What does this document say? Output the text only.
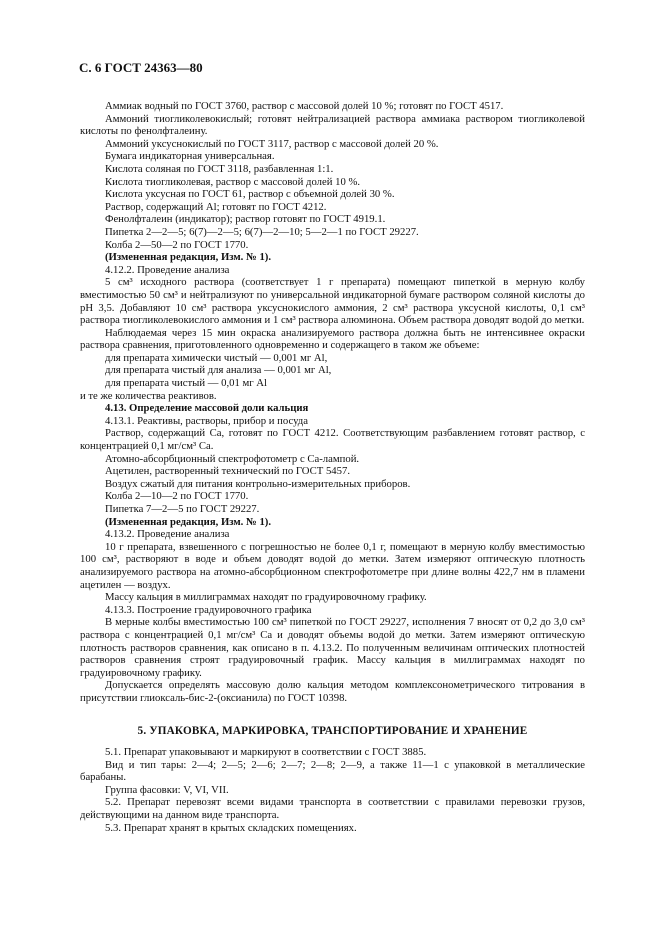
С. 6 ГОСТ 24363—80

Аммиак водный по ГОСТ 3760, раствор с массовой долей 10 %; готовят по ГОСТ 4517.

Аммоний тиогликолевокислый; готовят нейтрализацией раствора аммиака раствором тиогликолевой кислоты по фенолфталеину.

Аммоний уксуснокислый по ГОСТ 3117, раствор с массовой долей 20 %.

Бумага индикаторная универсальная.

Кислота соляная по ГОСТ 3118, разбавленная 1:1.

Кислота тиогликолевая, раствор с массовой долей 10 %.

Кислота уксусная по ГОСТ 61, раствор с объемной долей 30 %.

Раствор, содержащий Al; готовят по ГОСТ 4212.

Фенолфталеин (индикатор); раствор готовят по ГОСТ 4919.1.

Пипетка 2—2—5; 6(7)—2—5; 6(7)—2—10; 5—2—1 по ГОСТ 29227.

Колба 2—50—2 по ГОСТ 1770.

(Измененная редакция, Изм. № 1).

4.12.2. Проведение анализа

5 см³ исходного раствора (соответствует 1 г препарата) помещают пипеткой в мерную колбу вместимостью 50 см³ и нейтрализуют по универсальной индикаторной бумаге раствором соляной кислоты до pH 3,5. Добавляют 10 см³ раствора уксуснокислого аммония, 2 см³ раствора уксусной кислоты, 0,1 см³ раствора тиогликолевокислого аммония и 1 см³ раствора алюминона. Объем раствора доводят водой до метки.

Наблюдаемая через 15 мин окраска анализируемого раствора должна быть не интенсивнее окраски раствора сравнения, приготовленного одновременно и содержащего в таком же объеме:

для препарата химически чистый — 0,001 мг Al,

для препарата чистый для анализа — 0,001 мг Al,

для препарата чистый — 0,01 мг Al

и те же количества реактивов.

4.13. Определение массовой доли кальция

4.13.1. Реактивы, растворы, прибор и посуда

Раствор, содержащий Ca, готовят по ГОСТ 4212. Соответствующим разбавлением готовят раствор, с концентрацией 0,1 мг/см³ Ca.

Атомно-абсорбционный спектрофотометр с Ca-лампой.

Ацетилен, растворенный технический по ГОСТ 5457.

Воздух сжатый для питания контрольно-измерительных приборов.

Колба 2—10—2 по ГОСТ 1770.

Пипетка 7—2—5 по ГОСТ 29227.

(Измененная редакция, Изм. № 1).

4.13.2. Проведение анализа

10 г препарата, взвешенного с погрешностью не более 0,1 г, помещают в мерную колбу вместимостью 100 см³, растворяют в воде и объем доводят водой до метки. Затем измеряют оптическую плотность анализируемого раствора на атомно-абсорбционном спектрофотометре при длине волны 422,7 нм в пламени ацетилен — воздух.

Массу кальция в миллиграммах находят по градуировочному графику.

4.13.3. Построение градуировочного графика

В мерные колбы вместимостью 100 см³ пипеткой по ГОСТ 29227, исполнения 7 вносят от 0,2 до 3,0 см³ раствора с концентрацией 0,1 мг/см³ Ca и доводят объемы водой до метки. Затем измеряют оптическую плотность растворов сравнения, как описано в п. 4.13.2. По полученным величинам оптических плотностей растворов сравнения строят градуировочный график. Массу кальция в миллиграммах находят по градуировочному графику.

Допускается определять массовую долю кальция методом комплексонометрического титрования в присутствии глиоксаль-бис-2-(оксианила) по ГОСТ 10398.

5. УПАКОВКА, МАРКИРОВКА, ТРАНСПОРТИРОВАНИЕ И ХРАНЕНИЕ

5.1. Препарат упаковывают и маркируют в соответствии с ГОСТ 3885.

Вид и тип тары: 2—4; 2—5; 2—6; 2—7; 2—8; 2—9, а также 11—1 с упаковкой в металлические барабаны.

Группа фасовки: V, VI, VII.

5.2. Препарат перевозят всеми видами транспорта в соответствии с правилами перевозки грузов, действующими на данном виде транспорта.

5.3. Препарат хранят в крытых складских помещениях.
